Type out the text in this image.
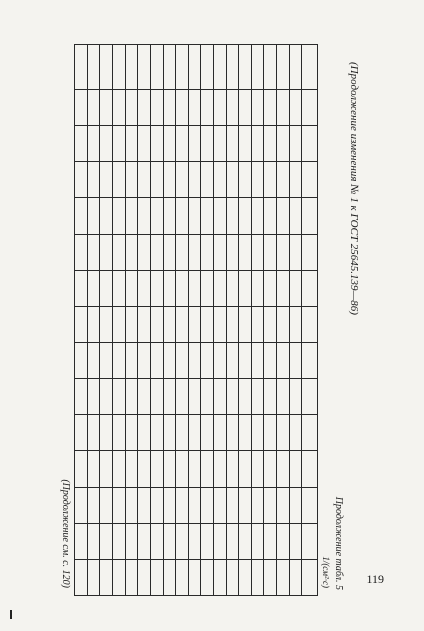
(Продолжение изменения № 1 к ГОСТ 25645.139—86)
Продолжение табл. 5
1/(см²·с)

(Продолжение см. с. 120)	119
